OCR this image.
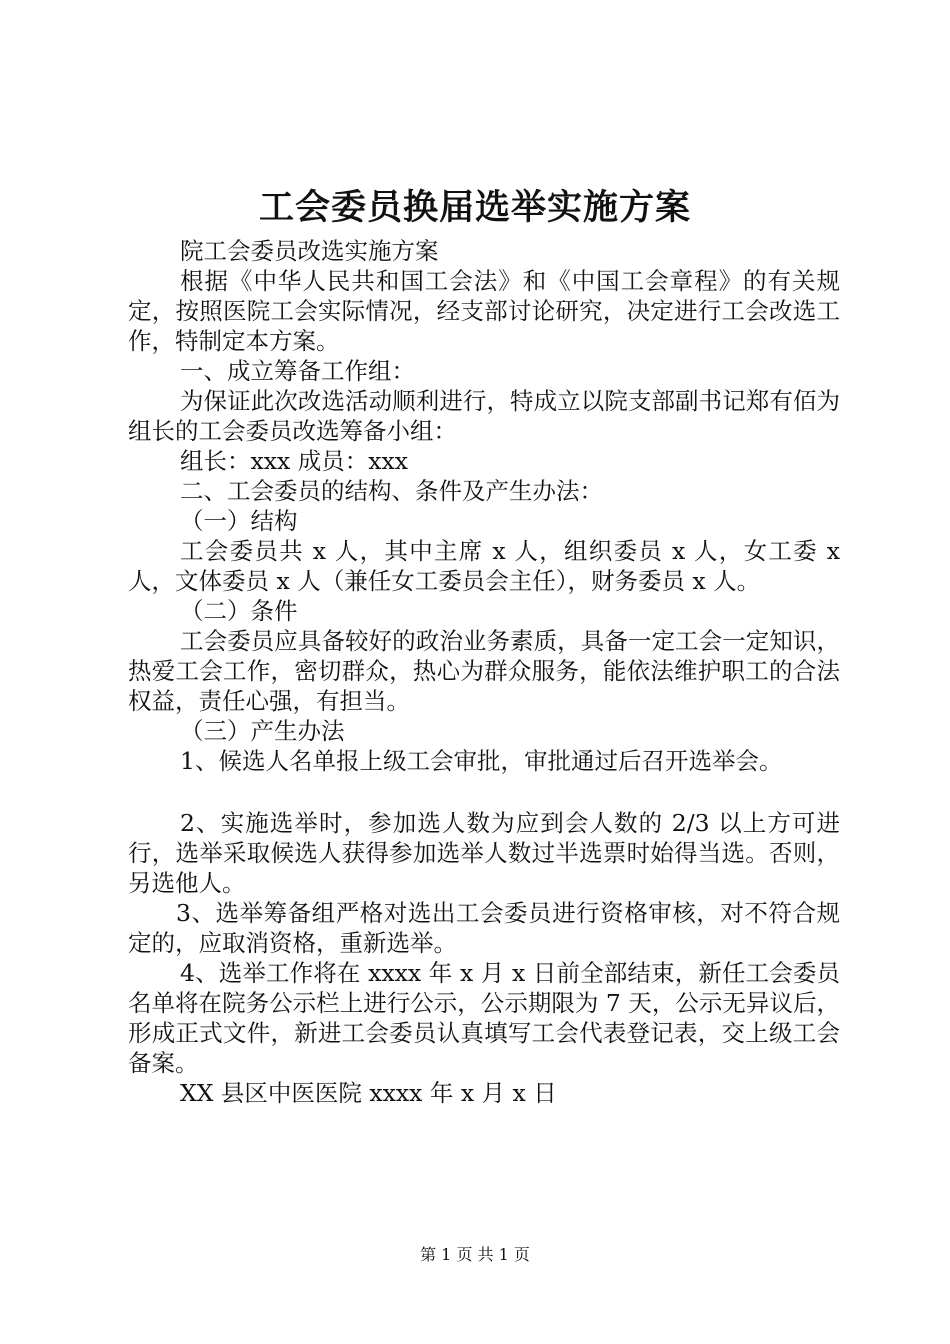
工会委员换届选举实施方案

院工会委员改选实施方案

根据《中华人民共和国工会法》和《中国工会章程》的有关规定，按照医院工会实际情况，经支部讨论研究，决定进行工会改选工作，特制定本方案。

一、成立筹备工作组：

为保证此次改选活动顺利进行，特成立以院支部副书记郑有佰为组长的工会委员改选筹备小组：

组长：xxx 成员：xxx

二、工会委员的结构、条件及产生办法：

（一）结构

工会委员共 x 人，其中主席 x 人，组织委员 x 人，女工委 x 人，文体委员 x 人（兼任女工委员会主任），财务委员 x 人。

（二）条件

工会委员应具备较好的政治业务素质，具备一定工会一定知识，热爱工会工作，密切群众，热心为群众服务，能依法维护职工的合法权益，责任心强，有担当。

（三）产生办法

1、候选人名单报上级工会审批，审批通过后召开选举会。

2、实施选举时，参加选人数为应到会人数的 2/3 以上方可进行，选举采取候选人获得参加选举人数过半选票时始得当选。否则，另选他人。

3、选举筹备组严格对选出工会委员进行资格审核，对不符合规定的，应取消资格，重新选举。

4、选举工作将在 xxxx 年 x 月 x 日前全部结束，新任工会委员名单将在院务公示栏上进行公示，公示期限为 7 天，公示无异议后，形成正式文件，新进工会委员认真填写工会代表登记表，交上级工会备案。

XX 县区中医医院 xxxx 年 x 月 x 日

第 1 页 共 1 页
